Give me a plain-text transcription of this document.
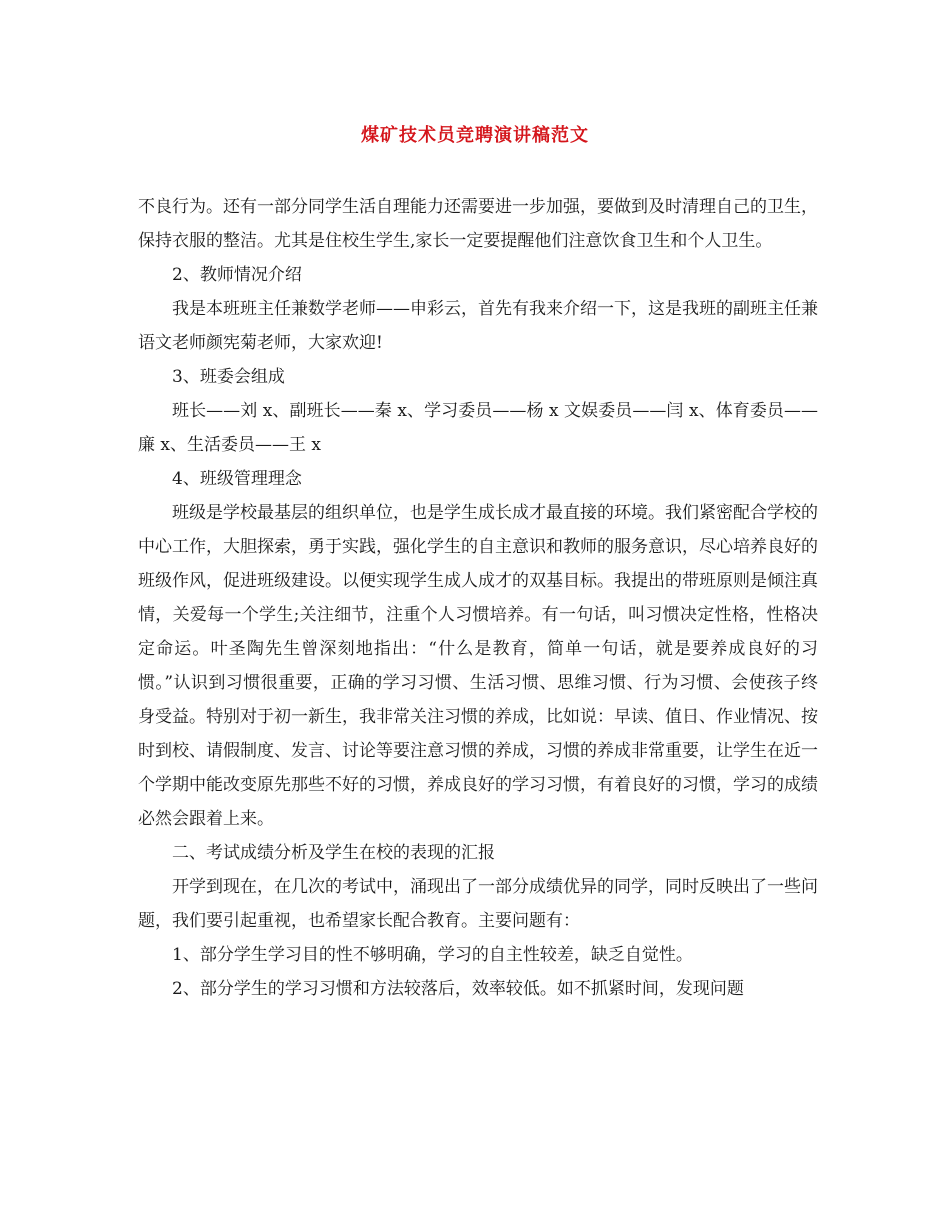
煤矿技术员竞聘演讲稿范文

不良行为。还有一部分同学生活自理能力还需要进一步加强，要做到及时清理自己的卫生，保持衣服的整洁。尤其是住校生学生,家长一定要提醒他们注意饮食卫生和个人卫生。

2、教师情况介绍

我是本班班主任兼数学老师——申彩云，首先有我来介绍一下，这是我班的副班主任兼语文老师颜宪菊老师，大家欢迎!

3、班委会组成

班长——刘 x、副班长——秦 x、学习委员——杨 x 文娱委员——闫 x、体育委员——廉 x、生活委员——王 x

4、班级管理理念

班级是学校最基层的组织单位，也是学生成长成才最直接的环境。我们紧密配合学校的中心工作，大胆探索，勇于实践，强化学生的自主意识和教师的服务意识，尽心培养良好的班级作风，促进班级建设。以便实现学生成人成才的双基目标。我提出的带班原则是倾注真情，关爱每一个学生;关注细节，注重个人习惯培养。有一句话，叫习惯决定性格，性格决定命运。叶圣陶先生曾深刻地指出：“什么是教育，简单一句话，就是要养成良好的习惯。”认识到习惯很重要，正确的学习习惯、生活习惯、思维习惯、行为习惯、会使孩子终身受益。特别对于初一新生，我非常关注习惯的养成，比如说：早读、值日、作业情况、按时到校、请假制度、发言、讨论等要注意习惯的养成，习惯的养成非常重要，让学生在近一个学期中能改变原先那些不好的习惯，养成良好的学习习惯，有着良好的习惯，学习的成绩必然会跟着上来。

二、考试成绩分析及学生在校的表现的汇报

开学到现在，在几次的考试中，涌现出了一部分成绩优异的同学，同时反映出了一些问题，我们要引起重视，也希望家长配合教育。主要问题有：

1、部分学生学习目的性不够明确，学习的自主性较差，缺乏自觉性。

2、部分学生的学习习惯和方法较落后，效率较低。如不抓紧时间，发现问题
